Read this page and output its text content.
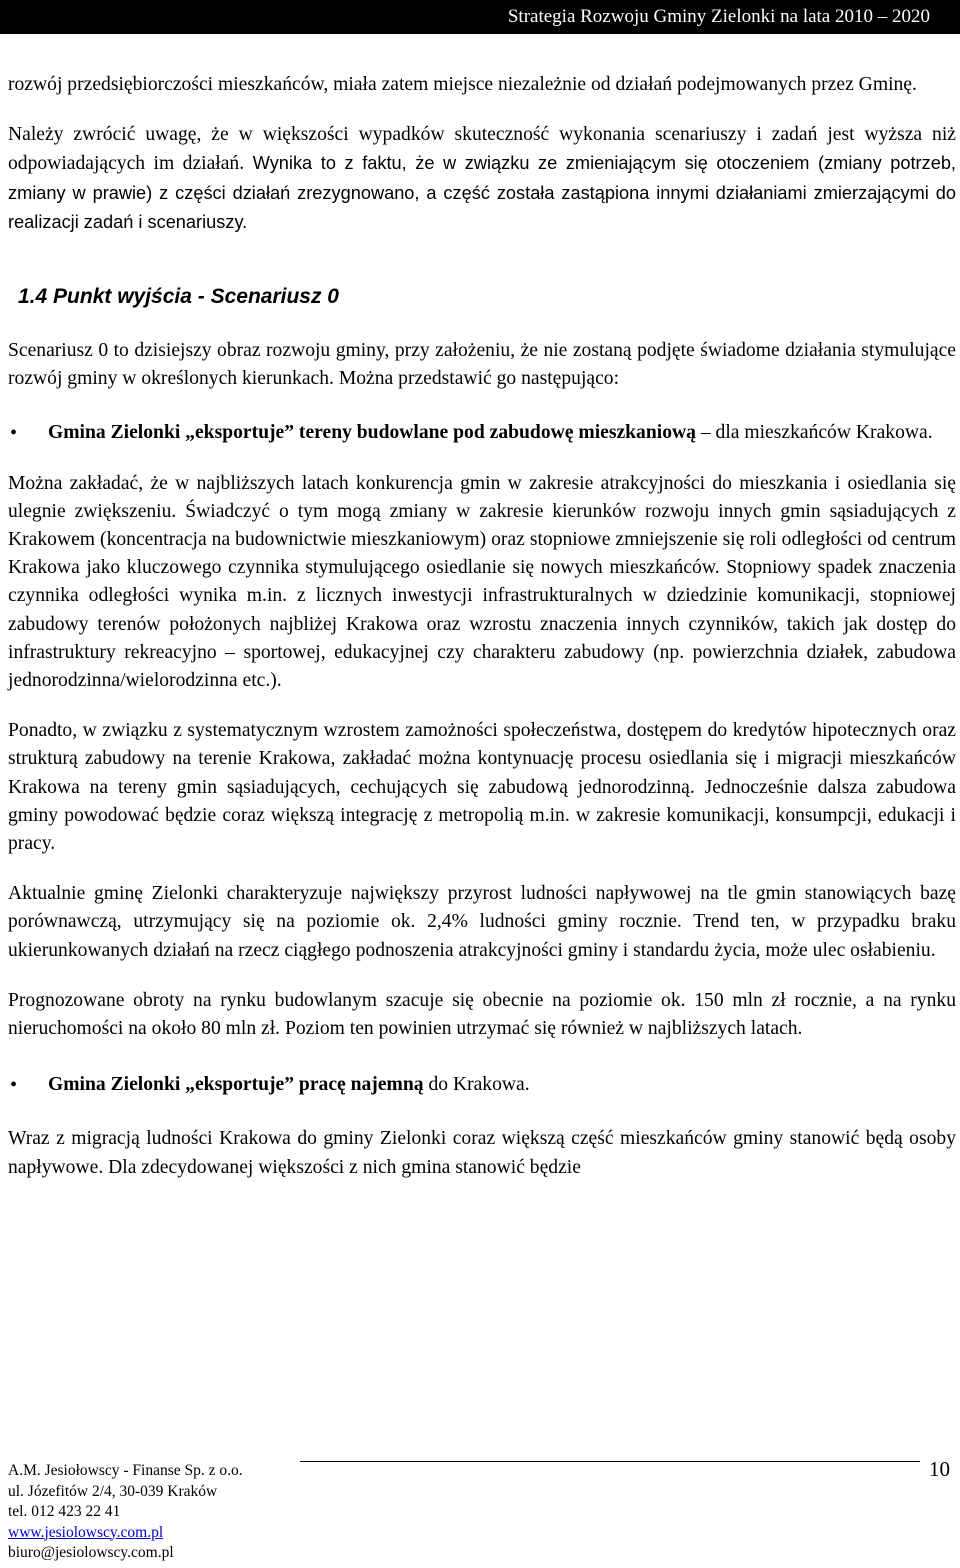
Strategia Rozwoju Gminy Zielonki na lata 2010 – 2020

rozwój przedsiębiorczości mieszkańców, miała zatem miejsce niezależnie od działań podejmowanych przez Gminę.

Należy zwrócić uwagę, że w większości wypadków skuteczność wykonania scenariuszy i zadań jest wyższa niż odpowiadających im działań. Wynika to z faktu, że w związku ze zmieniającym się otoczeniem (zmiany potrzeb, zmiany w prawie) z części działań zrezygnowano, a część została zastąpiona innymi działaniami zmierzającymi do realizacji zadań i scenariuszy.

1.4 Punkt wyjścia - Scenariusz 0

Scenariusz 0 to dzisiejszy obraz rozwoju gminy, przy założeniu, że nie zostaną podjęte świadome działania stymulujące rozwój gminy w określonych kierunkach. Można przedstawić go następująco:

•	Gmina Zielonki „eksportuje” tereny budowlane pod zabudowę mieszkaniową – dla mieszkańców Krakowa.

Można zakładać, że w najbliższych latach konkurencja gmin w zakresie atrakcyjności do mieszkania i osiedlania się ulegnie zwiększeniu. Świadczyć o tym mogą zmiany w zakresie kierunków rozwoju innych gmin sąsiadujących z Krakowem (koncentracja na budownictwie mieszkaniowym) oraz stopniowe zmniejszenie się roli odległości od centrum Krakowa jako kluczowego czynnika stymulującego osiedlanie się nowych mieszkańców. Stopniowy spadek znaczenia czynnika odległości wynika m.in. z licznych inwestycji infrastrukturalnych w dziedzinie komunikacji, stopniowej zabudowy terenów położonych najbliżej Krakowa oraz wzrostu znaczenia innych czynników, takich jak dostęp do infrastruktury rekreacyjno – sportowej, edukacyjnej czy charakteru zabudowy (np. powierzchnia działek, zabudowa jednorodzinna/wielorodzinna etc.).

Ponadto, w związku z systematycznym wzrostem zamożności społeczeństwa, dostępem do kredytów hipotecznych oraz strukturą zabudowy na terenie Krakowa, zakładać można kontynuację procesu osiedlania się i migracji mieszkańców Krakowa na tereny gmin sąsiadujących, cechujących się zabudową jednorodzinną. Jednocześnie dalsza zabudowa gminy powodować będzie coraz większą integrację z metropolią m.in. w zakresie komunikacji, konsumpcji, edukacji i pracy.

Aktualnie gminę Zielonki charakteryzuje największy przyrost ludności napływowej na tle gmin stanowiących bazę porównawczą, utrzymujący się na poziomie ok. 2,4% ludności gminy rocznie. Trend ten, w przypadku braku ukierunkowanych działań na rzecz ciągłego podnoszenia atrakcyjności gminy i standardu życia, może ulec osłabieniu.

Prognozowane obroty na rynku budowlanym szacuje się obecnie na poziomie ok. 150 mln zł rocznie, a na rynku nieruchomości na około 80 mln zł. Poziom ten powinien utrzymać się również w najbliższych latach.

•	Gmina Zielonki „eksportuje” pracę najemną do Krakowa.

Wraz z migracją ludności Krakowa do gminy Zielonki coraz większą część mieszkańców gminy stanowić będą osoby napływowe. Dla zdecydowanej większości z nich gmina stanowić będzie

A.M. Jesiołowscy - Finanse Sp. z o.o.
ul. Józefitów 2/4, 30-039 Kraków
tel. 012 423 22 41
www.jesiolowscy.com.pl
biuro@jesiolowscy.com.pl
10
